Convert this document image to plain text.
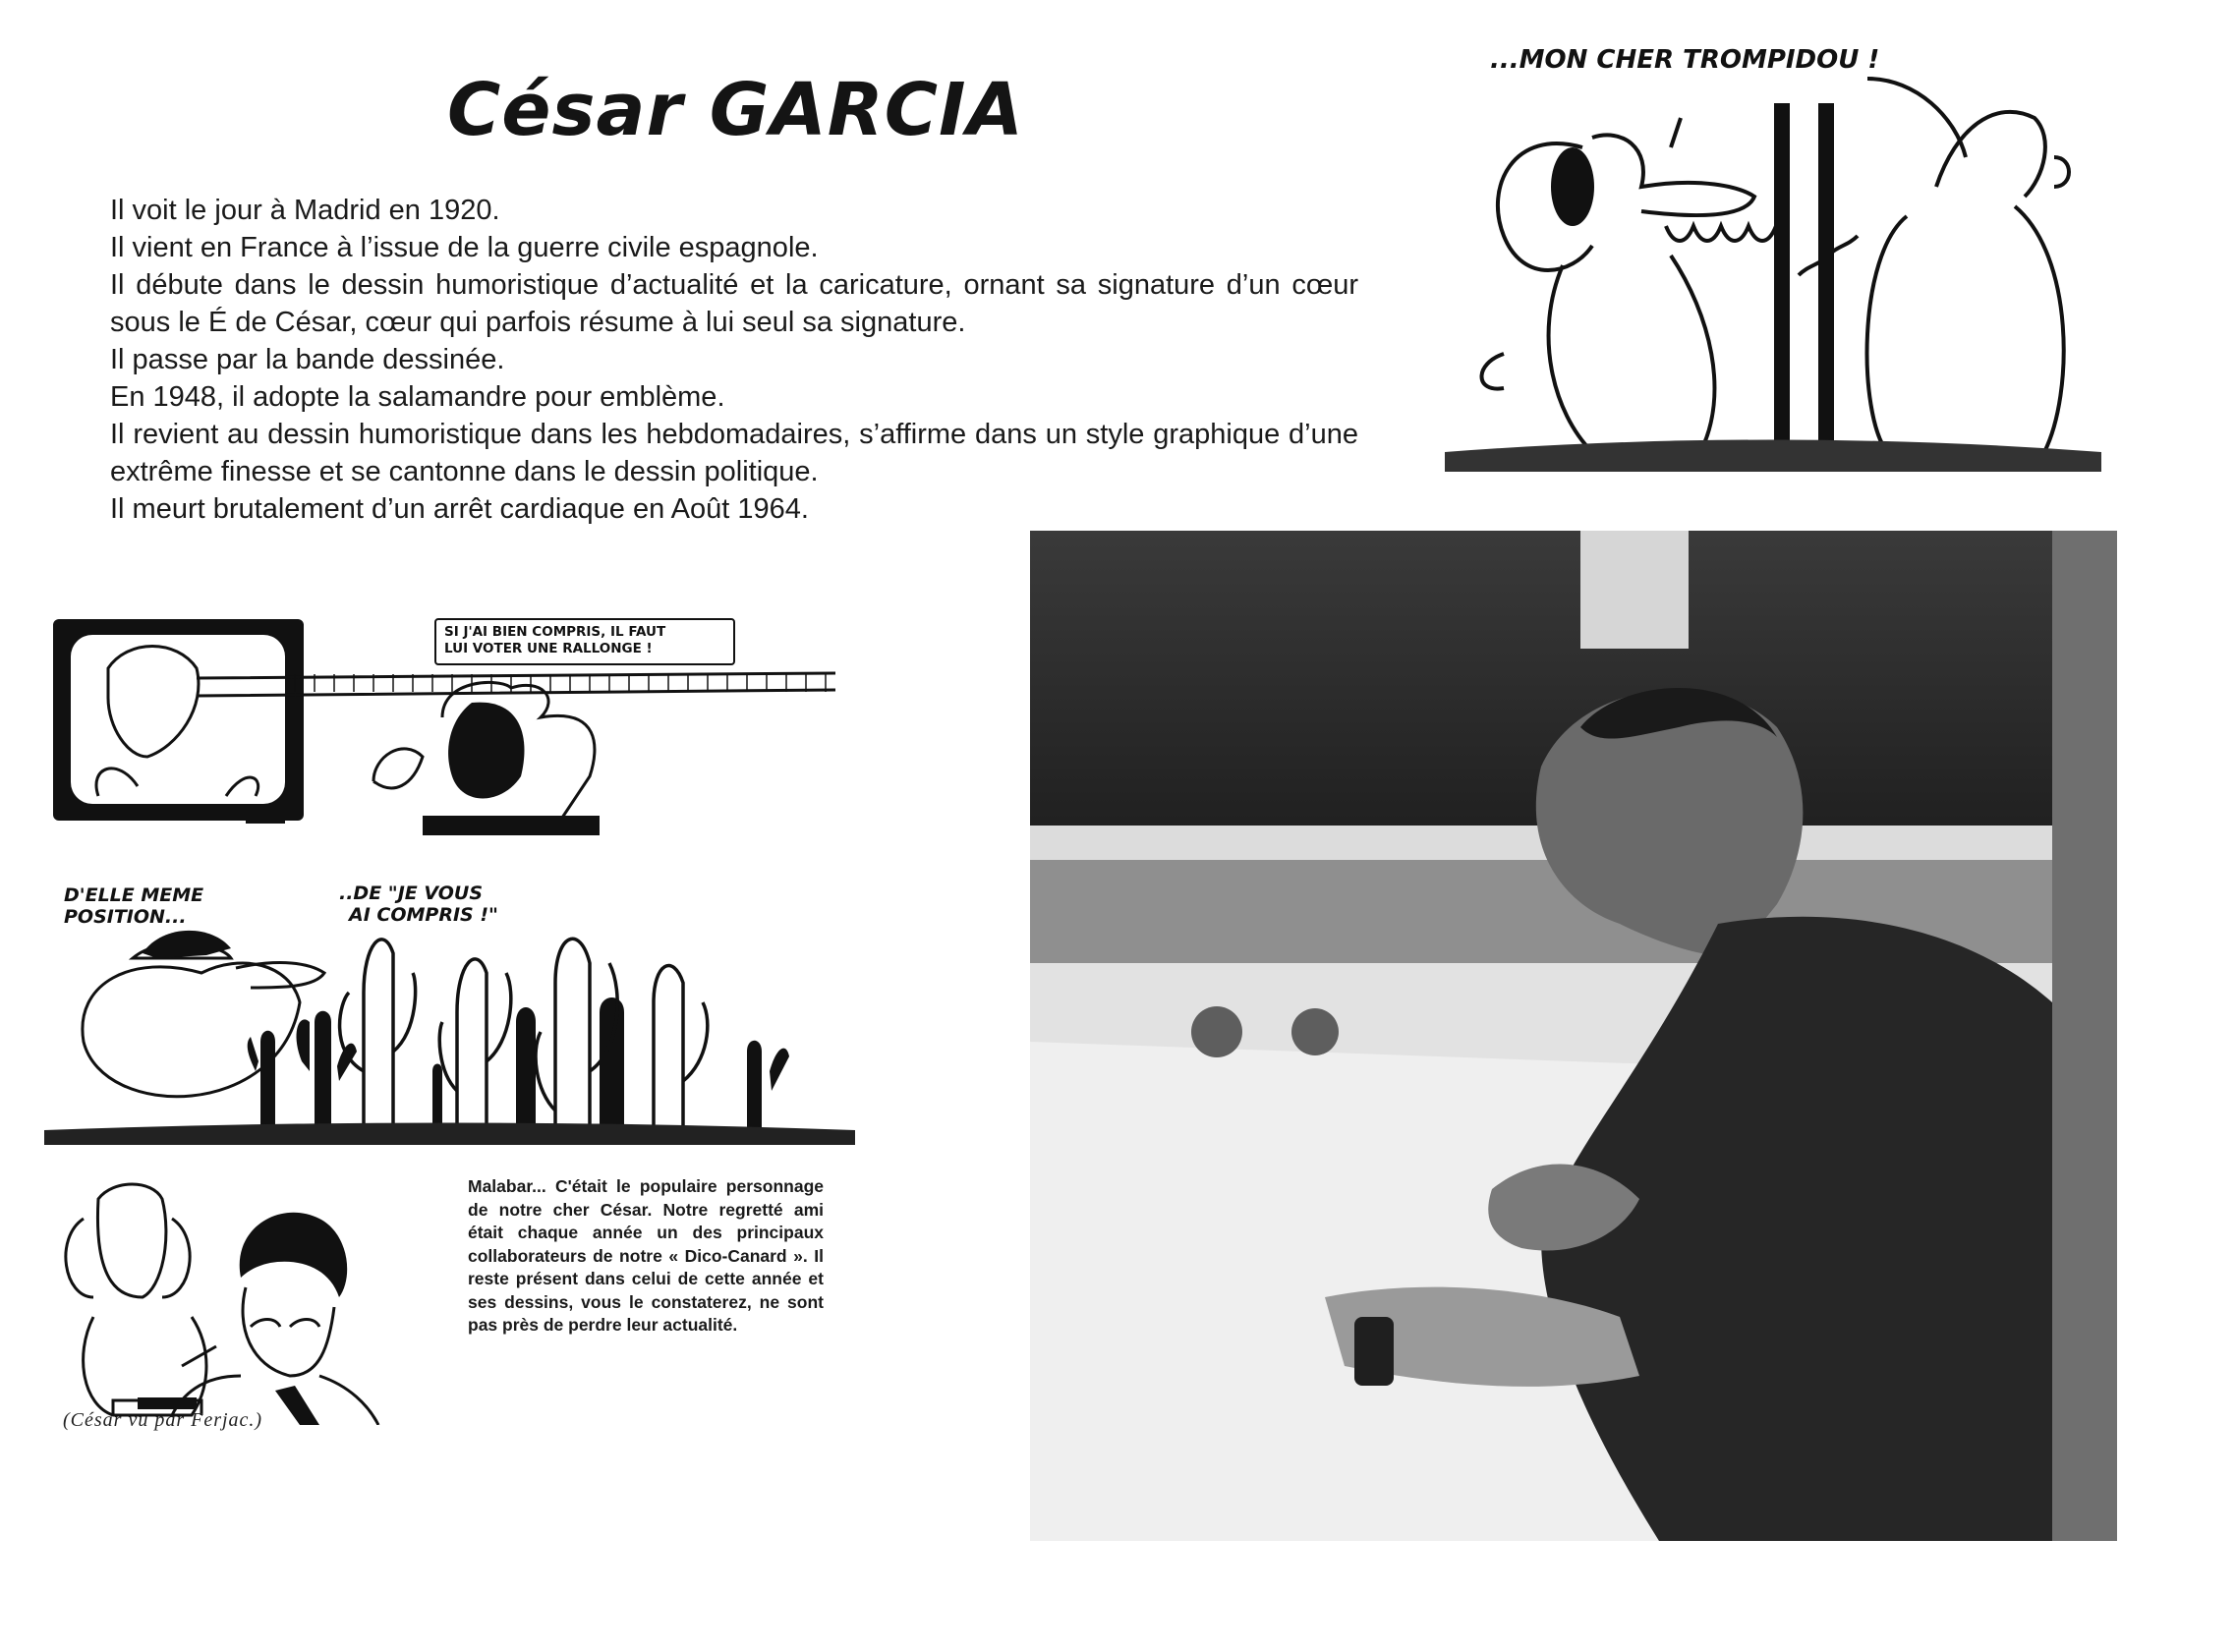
César GARCIA

Il voit le jour à Madrid en 1920.

Il vient en France à l’issue de la guerre civile espagnole.

Il débute dans le dessin humoristique d’actualité et la caricature, ornant sa signature d’un cœur sous le É de César, cœur qui parfois résume à lui seul sa signature.

Il passe par la bande dessinée.

En 1948, il adopte la salamandre pour emblème.

Il revient au dessin humoristique dans les hebdomadaires, s’affirme dans un style graphique d’une extrême finesse et se cantonne dans le dessin politique.

Il meurt brutalement d’un arrêt cardiaque en Août 1964.

...MON CHER TROMPIDOU !
SI J'AI BIEN COMPRIS, IL FAUT
LUI VOTER UNE RALLONGE !
D'ELLE MEME
POSITION...
..DE "JE VOUS
AI COMPRIS !"
(César vu par Ferjac.)
Malabar... C'était le populaire personnage de notre cher César. Notre regretté ami était chaque année un des principaux collaborateurs de notre « Dico-Canard ». Il reste présent dans celui de cette année et ses dessins, vous le constaterez, ne sont pas près de perdre leur actualité.
